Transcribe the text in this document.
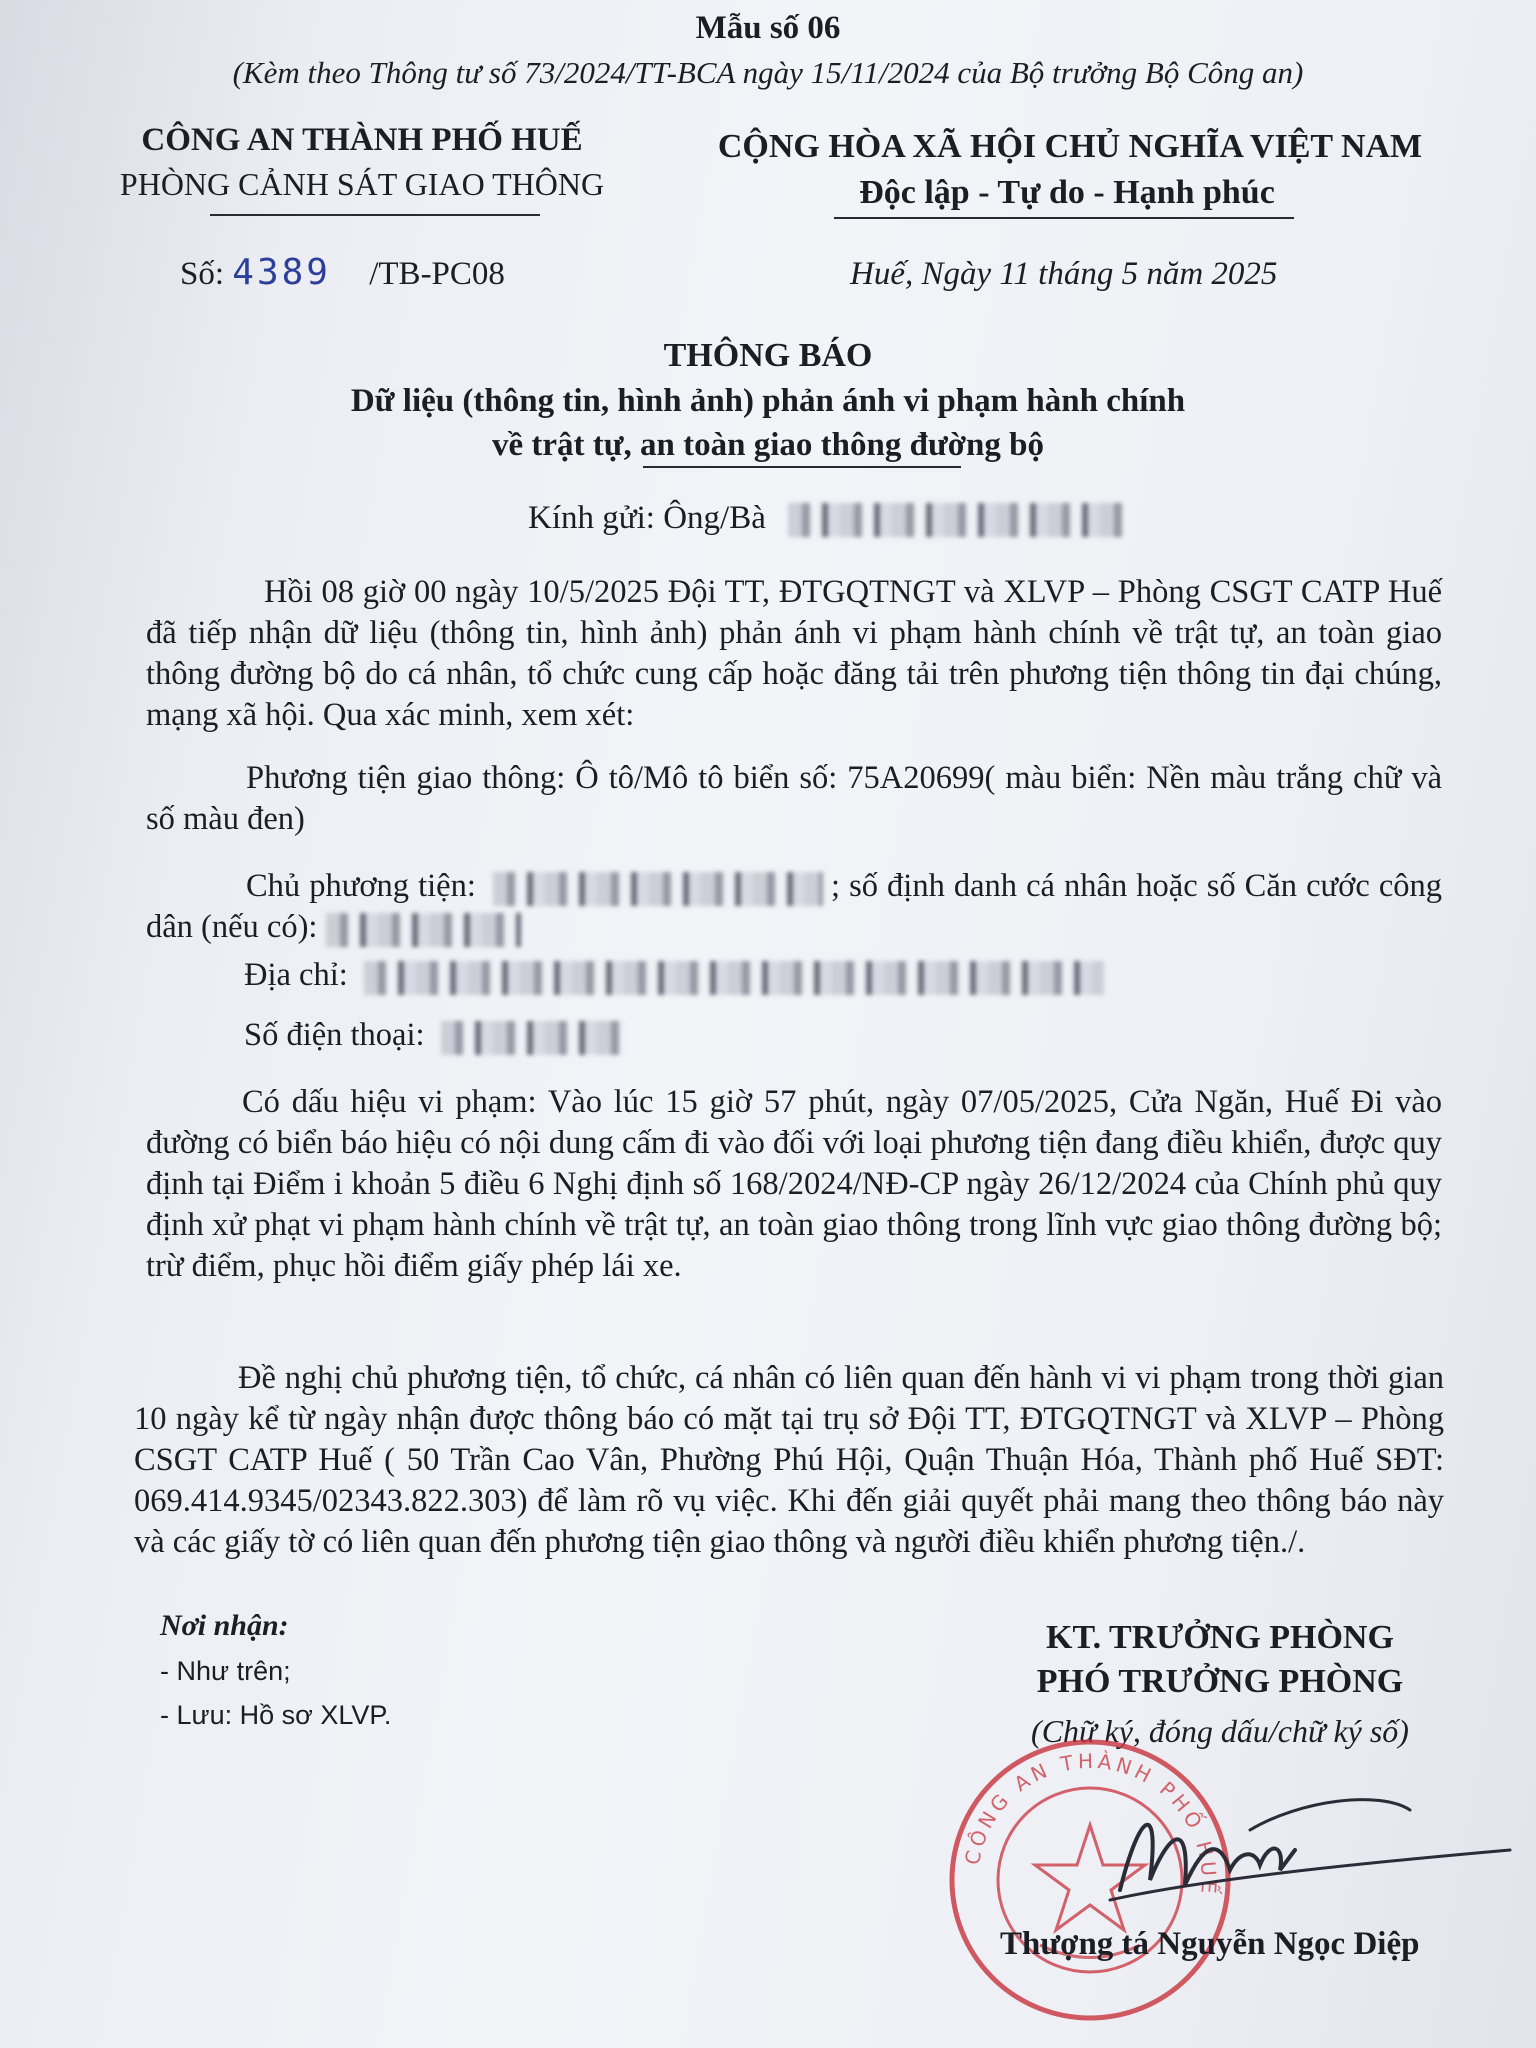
Mẫu số 06
(Kèm theo Thông tư số 73/2024/TT-BCA ngày 15/11/2024 của Bộ trưởng Bộ Công an)
CÔNG AN THÀNH PHỐ HUẾ
PHÒNG CẢNH SÁT GIAO THÔNG
CỘNG HÒA XÃ HỘI CHỦ NGHĨA VIỆT NAM
Độc lập - Tự do - Hạnh phúc
Số: 4389 /TB-PC08	Huế, Ngày 11 tháng 5 năm 2025
THÔNG BÁO
Dữ liệu (thông tin, hình ảnh) phản ánh vi phạm hành chính
về trật tự, an toàn giao thông đường bộ
Kính gửi: Ông/Bà
Hồi 08 giờ 00 ngày 10/5/2025 Đội TT, ĐTGQTNGT và XLVP – Phòng CSGT CATP Huế đã tiếp nhận dữ liệu (thông tin, hình ảnh) phản ánh vi phạm hành chính về trật tự, an toàn giao thông đường bộ do cá nhân, tổ chức cung cấp hoặc đăng tải trên phương tiện thông tin đại chúng, mạng xã hội. Qua xác minh, xem xét:
Phương tiện giao thông: Ô tô/Mô tô biển số: 75A20699( màu biển: Nền màu trắng chữ và số màu đen)
Chủ phương tiện:	; số định danh cá nhân hoặc số Căn cước công dân (nếu có):
Địa chỉ:
Số điện thoại:
Có dấu hiệu vi phạm: Vào lúc 15 giờ 57 phút, ngày 07/05/2025, Cửa Ngăn, Huế Đi vào đường có biển báo hiệu có nội dung cấm đi vào đối với loại phương tiện đang điều khiển, được quy định tại Điểm i khoản 5 điều 6 Nghị định số 168/2024/NĐ-CP ngày 26/12/2024 của Chính phủ quy định xử phạt vi phạm hành chính về trật tự, an toàn giao thông trong lĩnh vực giao thông đường bộ; trừ điểm, phục hồi điểm giấy phép lái xe.
Đề nghị chủ phương tiện, tổ chức, cá nhân có liên quan đến hành vi vi phạm trong thời gian 10 ngày kể từ ngày nhận được thông báo có mặt tại trụ sở Đội TT, ĐTGQTNGT và XLVP – Phòng CSGT CATP Huế ( 50 Trần Cao Vân, Phường Phú Hội, Quận Thuận Hóa, Thành phố Huế SĐT: 069.414.9345/02343.822.303) để làm rõ vụ việc. Khi đến giải quyết phải mang theo thông báo này và các giấy tờ có liên quan đến phương tiện giao thông và người điều khiển phương tiện./.
Nơi nhận:
- Như trên;
- Lưu: Hồ sơ XLVP.
KT. TRƯỞNG PHÒNG
PHÓ TRƯỞNG PHÒNG
(Chữ ký, đóng dấu/chữ ký số)
CÔNG AN THÀNH PHỐ HUẾ
Thượng tá Nguyễn Ngọc Diệp
